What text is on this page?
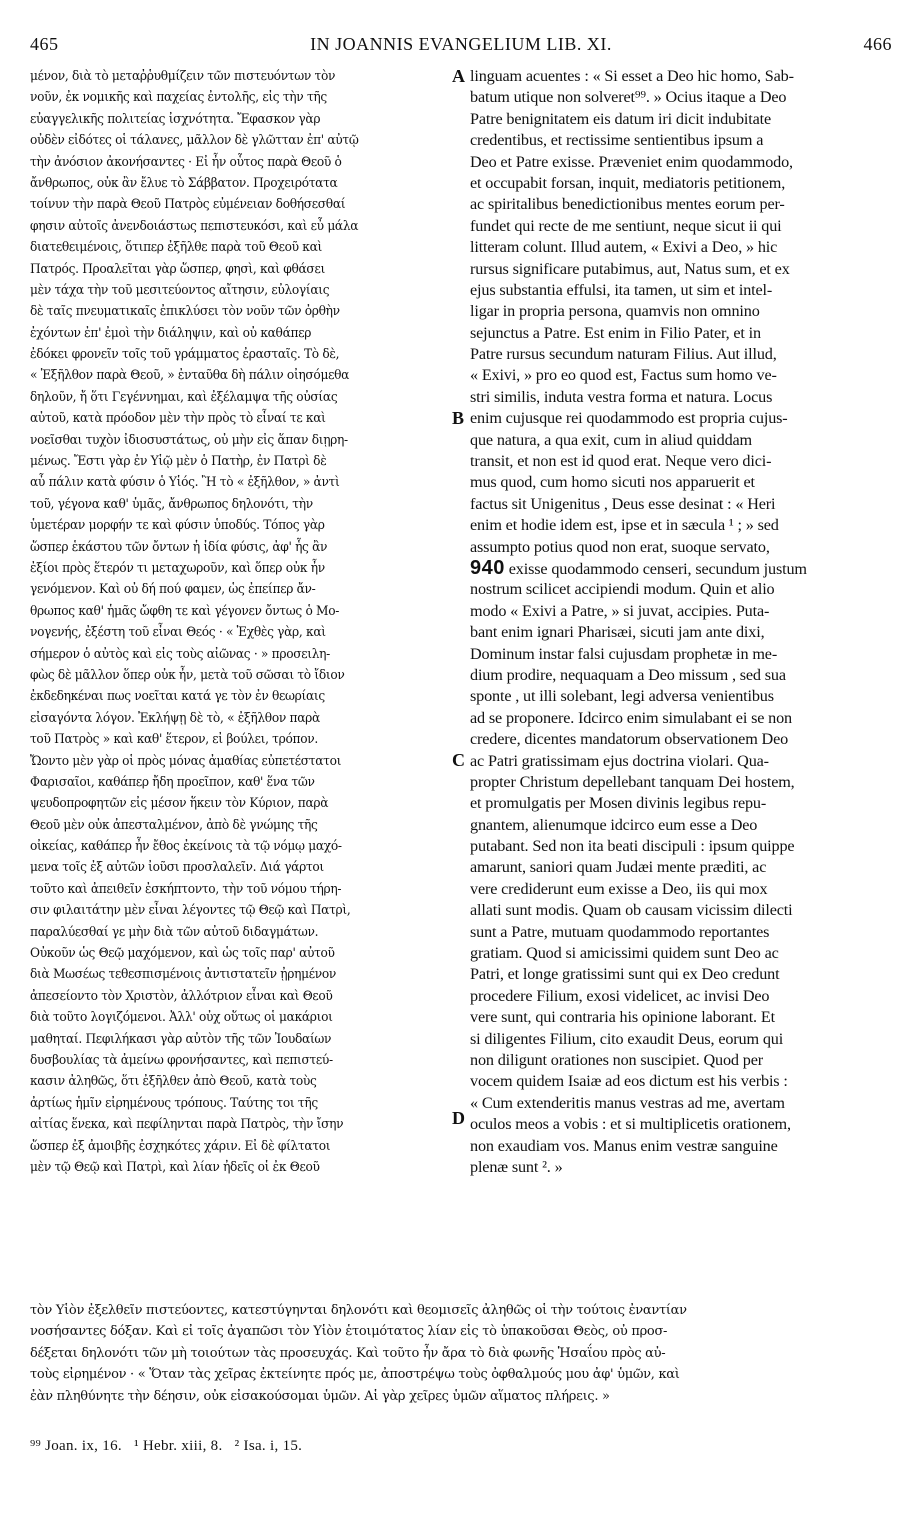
465	IN JOANNIS EVANGELIUM LIB. XI.	466
μένον, διὰ τὸ μεταῤῥυθμίζειν τῶν πιστευόντων τὸν
νοῦν, ἐκ νομικῆς καὶ παχείας ἐντολῆς, εἰς τὴν τῆς
εὐαγγελικῆς πολιτείας ἰσχνότητα. Ἔφασκον γὰρ
οὐδὲν εἰδότες οἱ τάλανες, μᾶλλον δὲ γλῶτταν ἐπ' αὐτῷ
τὴν ἀνόσιον ἀκονήσαντες · Εἰ ἦν οὗτος παρὰ Θεοῦ ὁ
ἄνθρωπος, οὐκ ἂν ἔλυε τὸ Σάββατον. Προχειρότατα
τοίνυν τὴν παρὰ Θεοῦ Πατρὸς εὐμένειαν δοθήσεσθαί
φησιν αὐτοῖς ἀνενδοιάστως πεπιστευκόσι, καὶ εὖ μάλα
διατεθειμένοις, ὅτιπερ ἐξῆλθε παρὰ τοῦ Θεοῦ καὶ
Πατρός. Προαλεῖται γὰρ ὥσπερ, φησὶ, καὶ φθάσει
μὲν τάχα τὴν τοῦ μεσιτεύοντος αἴτησιν, εὐλογίαις
δὲ ταῖς πνευματικαῖς ἐπικλύσει τὸν νοῦν τῶν ὀρθὴν
ἐχόντων ἐπ' ἐμοὶ τὴν διάληψιν, καὶ οὐ καθάπερ
ἐδόκει φρονεῖν τοῖς τοῦ γράμματος ἐρασταῖς. Τὸ δὲ,
« Ἐξῆλθον παρὰ Θεοῦ, » ἐνταῦθα δὴ πάλιν οἰησόμεθα
δηλοῦν, ἤ ὅτι Γεγέννημαι, καὶ ἐξέλαμψα τῆς οὐσίας
αὐτοῦ, κατὰ πρόοδον μὲν τὴν πρὸς τὸ εἶναί τε καὶ
νοεῖσθαι τυχὸν ἰδιοσυστάτως, οὐ μὴν εἰς ἅπαν διῃρη-
μένως. Ἔστι γὰρ ἐν Υἱῷ μὲν ὁ Πατὴρ, ἐν Πατρὶ δὲ
αὖ πάλιν κατὰ φύσιν ὁ Υἱός. Ἢ τὸ « ἐξῆλθον, » ἀντὶ
τοῦ, γέγονα καθ' ὑμᾶς, ἄνθρωπος δηλονότι, τὴν
ὑμετέραν μορφήν τε καὶ φύσιν ὑποδύς. Τόπος γὰρ
ὥσπερ ἑκάστου τῶν ὄντων ἡ ἰδία φύσις, ἀφ' ἧς ἂν
ἐξίοι πρὸς ἕτερόν τι μεταχωροῦν, καὶ ὅπερ οὐκ ἦν
γενόμενον. Καὶ οὐ δή πού φαμεν, ὡς ἐπείπερ ἄν-
θρωπος καθ' ἡμᾶς ὤφθη τε καὶ γέγονεν ὄντως ὁ Μο-
νογενής, ἐξέστη τοῦ εἶναι Θεός · « Ἐχθὲς γὰρ, καὶ
σήμερον ὁ αὐτὸς καὶ εἰς τοὺς αἰῶνας · » προσειλη-
φὼς δὲ μᾶλλον ὅπερ οὐκ ἦν, μετὰ τοῦ σῶσαι τὸ ἴδιον
ἐκδεδηκέναι πως νοεῖται κατά γε τὸν ἐν θεωρίαις
εἰσαγόντα λόγον. Ἐκλήψῃ δὲ τὸ, « ἐξῆλθον παρὰ
τοῦ Πατρὸς » καὶ καθ' ἕτερον, εἰ βούλει, τρόπον.
Ὤοντο μὲν γὰρ οἱ πρὸς μόνας ἀμαθίας εὐπετέστατοι
Φαρισαῖοι, καθάπερ ἤδη προεῖπον, καθ' ἕνα τῶν
ψευδοπροφητῶν εἰς μέσον ἥκειν τὸν Κύριον, παρὰ
Θεοῦ μὲν οὐκ ἀπεσταλμένον, ἀπὸ δὲ γνώμης τῆς
οἰκείας, καθάπερ ἦν ἔθος ἐκείνοις τὰ τῷ νόμῳ μαχό-
μενα τοῖς ἐξ αὐτῶν ἰοῦσι προσλαλεῖν. Διά γάρτοι
τοῦτο καὶ ἀπειθεῖν ἐσκήπτοντο, τὴν τοῦ νόμου τήρη-
σιν φιλαιτάτην μὲν εἶναι λέγοντες τῷ Θεῷ καὶ Πατρὶ,
παραλύεσθαί γε μὴν διὰ τῶν αὐτοῦ διδαγμάτων.
Οὐκοῦν ὡς Θεῷ μαχόμενον, καὶ ὡς τοῖς παρ' αὐτοῦ
διὰ Μωσέως τεθεσπισμένοις ἀντιστατεῖν ᾐρημένον
ἀπεσείοντο τὸν Χριστὸν, ἀλλότριον εἶναι καὶ Θεοῦ
διὰ τοῦτο λογιζόμενοι. Ἀλλ' οὐχ οὕτως οἱ μακάριοι
μαθηταί. Πεφιλήκασι γὰρ αὐτὸν τῆς τῶν Ἰουδαίων
δυσβουλίας τὰ ἀμείνω φρονήσαντες, καὶ πεπιστεύ-
κασιν ἀληθῶς, ὅτι ἐξῆλθεν ἀπὸ Θεοῦ, κατὰ τοὺς
ἀρτίως ἡμῖν εἰρημένους τρόπους. Ταύτης τοι τῆς
αἰτίας ἕνεκα, καὶ πεφίληνται παρὰ Πατρὸς, τὴν ἴσην
ὥσπερ ἐξ ἀμοιβῆς ἐσχηκότες χάριν. Εἰ δὲ φίλτατοι
μὲν τῷ Θεῷ καὶ Πατρὶ, καὶ λίαν ἠδεῖς οἱ ἐκ Θεοῦ
linguam acuentes : « Si esset a Deo hic homo, Sab-
batum utique non solveret⁹⁹. » Ocius itaque a Deo
Patre benignitatem eis datum iri dicit indubitate
credentibus, et rectissime sentientibus ipsum a
Deo et Patre exisse. Præveniet enim quodammodo,
et occupabit forsan, inquit, mediatoris petitionem,
ac spiritalibus benedictionibus mentes eorum per-
fundet qui recte de me sentiunt, neque sicut ii qui
litteram colunt. Illud autem, « Exivi a Deo, » hic
rursus significare putabimus, aut, Natus sum, et ex
ejus substantia effulsi, ita tamen, ut sim et intel-
ligar in propria persona, quamvis non omnino
sejunctus a Patre. Est enim in Filio Pater, et in
Patre rursus secundum naturam Filius. Aut illud,
« Exivi, » pro eo quod est, Factus sum homo ve-
stri similis, induta vestra forma et natura. Locus
enim cujusque rei quodammodo est propria cujus-
que natura, a qua exit, cum in aliud quiddam
transit, et non est id quod erat. Neque vero dici-
mus quod, cum homo sicuti nos apparuerit et
factus sit Unigenitus , Deus esse desinat : « Heri
enim et hodie idem est, ipse et in sæcula ¹ ; » sed
assumpto potius quod non erat, suoque servato,
940 exisse quodammodo censeri, secundum justum
nostrum scilicet accipiendi modum. Quin et alio
modo « Exivi a Patre, » si juvat, accipies. Puta-
bant enim ignari Pharisæi, sicuti jam ante dixi,
Dominum instar falsi cujusdam prophetæ in me-
dium prodire, nequaquam a Deo missum , sed sua
sponte , ut illi solebant, legi adversa venientibus
ad se proponere. Idcirco enim simulabant ei se non
credere, dicentes mandatorum observationem Deo
ac Patri gratissimam ejus doctrina violari. Qua-
propter Christum depellebant tanquam Dei hostem,
et promulgatis per Mosen divinis legibus repu-
gnantem, alienumque idcirco eum esse a Deo
putabant. Sed non ita beati discipuli : ipsum quippe
amarunt, saniori quam Judæi mente præditi, ac
vere crediderunt eum exisse a Deo, iis qui mox
allati sunt modis. Quam ob causam vicissim dilecti
sunt a Patre, mutuam quodammodo reportantes
gratiam. Quod si amicissimi quidem sunt Deo ac
Patri, et longe gratissimi sunt qui ex Deo credunt
procedere Filium, exosi videlicet, ac invisi Deo
vere sunt, qui contraria his opinione laborant. Et
si diligentes Filium, cito exaudit Deus, eorum qui
non diligunt orationes non suscipiet. Quod per
vocem quidem Isaiæ ad eos dictum est his verbis :
« Cum extenderitis manus vestras ad me, avertam
oculos meos a vobis : et si multiplicetis orationem,
non exaudiam vos. Manus enim vestræ sanguine
plenæ sunt ². »
A
B
C
D
τὸν Υἱὸν ἐξελθεῖν πιστεύοντες, κατεστύγηνται δηλονότι καὶ θεομισεῖς ἀληθῶς οἱ τὴν τούτοις ἐναντίαν
νοσήσαντες δόξαν. Καὶ εἰ τοῖς ἀγαπῶσι τὸν Υἱὸν ἑτοιμότατος λίαν εἰς τὸ ὑπακοῦσαι Θεὸς, οὐ προσ-
δέξεται δηλονότι τῶν μὴ τοιούτων τὰς προσευχάς. Καὶ τοῦτο ἦν ἄρα τὸ διὰ φωνῆς Ἡσαΐου πρὸς αὐ-
τοὺς εἰρημένον · « Ὅταν τὰς χεῖρας ἐκτείνητε πρός με, ἀποστρέψω τοὺς ὀφθαλμούς μου ἀφ' ὑμῶν, καὶ
ἐὰν πληθύνητε τὴν δέησιν, οὐκ εἰσακούσομαι ὑμῶν. Αἱ γὰρ χεῖρες ὑμῶν αἵματος πλήρεις. »
⁹⁹ Joan. ix, 16.   ¹ Hebr. xiii, 8.   ² Isa. i, 15.
